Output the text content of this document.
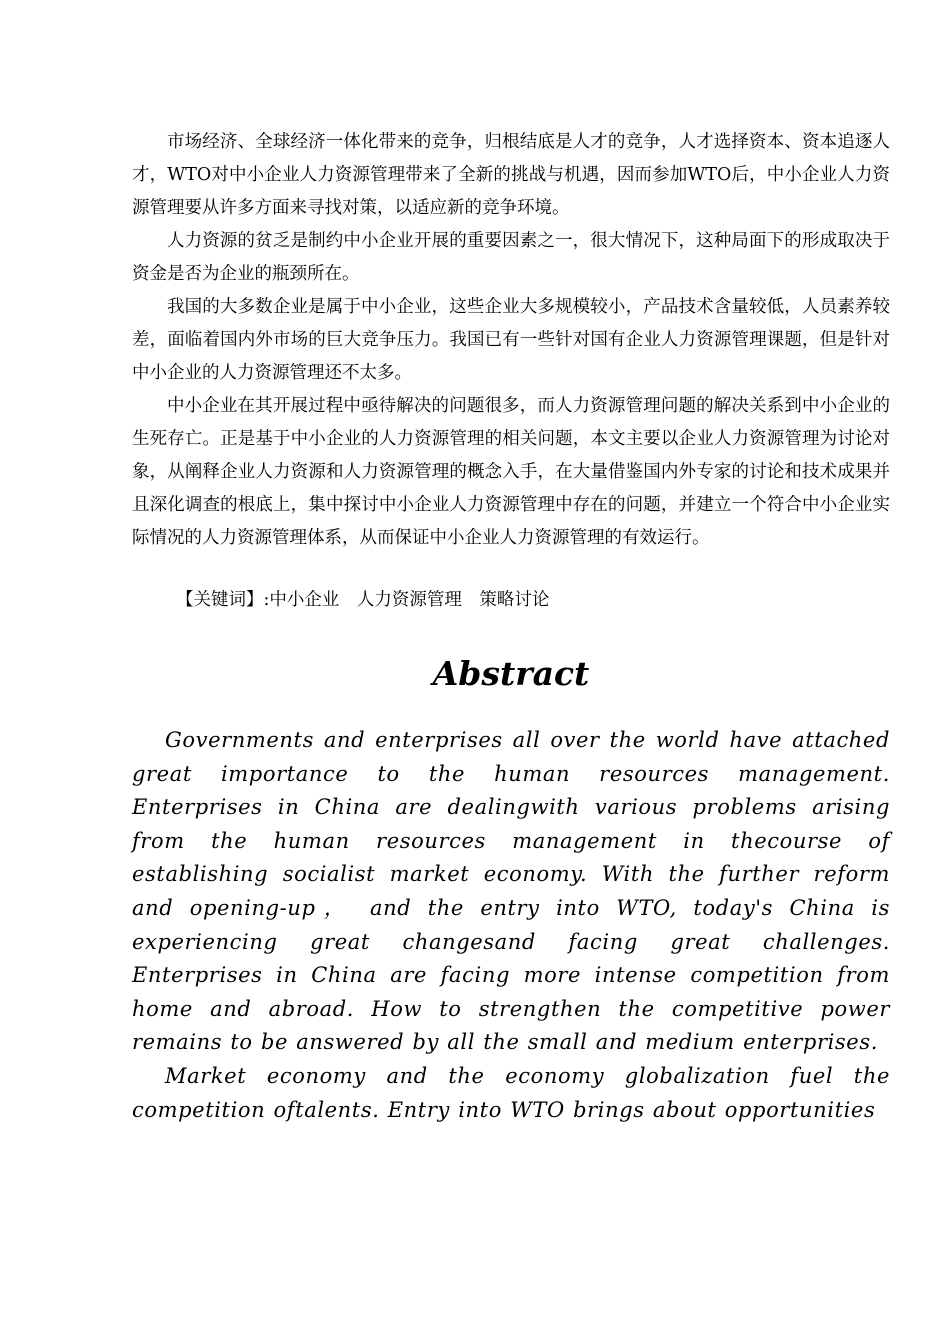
市场经济、全球经济一体化带来的竞争，归根结底是人才的竞争，人才选择资本、资本追逐人才，WTO对中小企业人力资源管理带来了全新的挑战与机遇，因而参加WTO后，中小企业人力资源管理要从许多方面来寻找对策，以适应新的竞争环境。

人力资源的贫乏是制约中小企业开展的重要因素之一，很大情况下，这种局面下的形成取决于资金是否为企业的瓶颈所在。

我国的大多数企业是属于中小企业，这些企业大多规模较小，产品技术含量较低，人员素养较差，面临着国内外市场的巨大竞争压力。我国已有一些针对国有企业人力资源管理课题，但是针对中小企业的人力资源管理还不太多。

中小企业在其开展过程中亟待解决的问题很多，而人力资源管理问题的解决关系到中小企业的生死存亡。正是基于中小企业的人力资源管理的相关问题，本文主要以企业人力资源管理为讨论对象，从阐释企业人力资源和人力资源管理的概念入手，在大量借鉴国内外专家的讨论和技术成果并且深化调查的根底上，集中探讨中小企业人力资源管理中存在的问题，并建立一个符合中小企业实际情况的人力资源管理体系，从而保证中小企业人力资源管理的有效运行。

【关键词】:中小企业　人力资源管理　策略讨论

Abstract

Governments and enterprises all over the world have attached great importance to the human resources management. Enterprises in China are dealingwith various problems arising from the human resources management in thecourse of establishing socialist market economy. With the further reform and opening-up， and the entry into WTO, today's China is experiencing great changesand facing great challenges. Enterprises in China are facing more intense competition from home and abroad. How to strengthen the competitive power remains to be answered by all the small and medium enterprises.

Market economy and the economy globalization fuel the competition oftalents. Entry into WTO brings about opportunities
